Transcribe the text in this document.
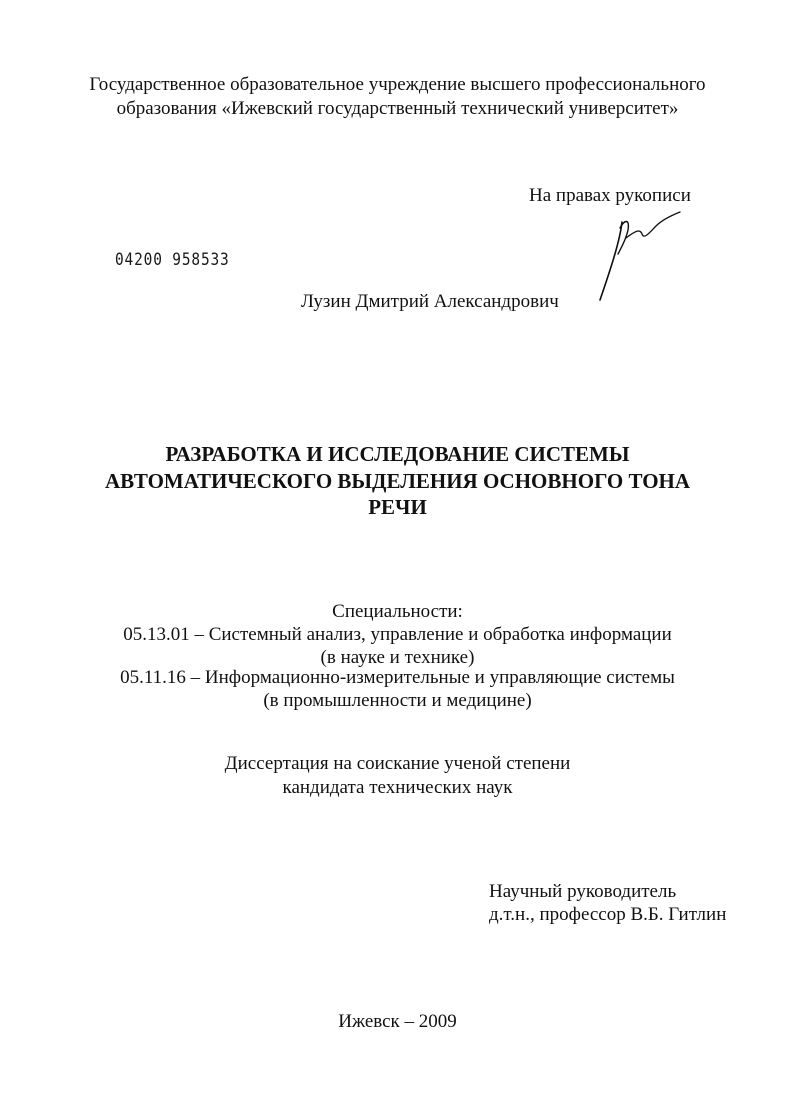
Государственное образовательное учреждение высшего профессионального
образования «Ижевский государственный технический университет»
На правах рукописи
04200 958533
Лузин Дмитрий Александрович
РАЗРАБОТКА И ИССЛЕДОВАНИЕ СИСТЕМЫ
АВТОМАТИЧЕСКОГО ВЫДЕЛЕНИЯ ОСНОВНОГО ТОНА
РЕЧИ
Специальности:
05.13.01 – Системный анализ, управление и обработка информации
(в науке и технике)
05.11.16 – Информационно-измерительные и управляющие системы
(в промышленности и медицине)
Диссертация на соискание ученой степени
кандидата технических наук
Научный руководитель
д.т.н., профессор В.Б. Гитлин
Ижевск – 2009
